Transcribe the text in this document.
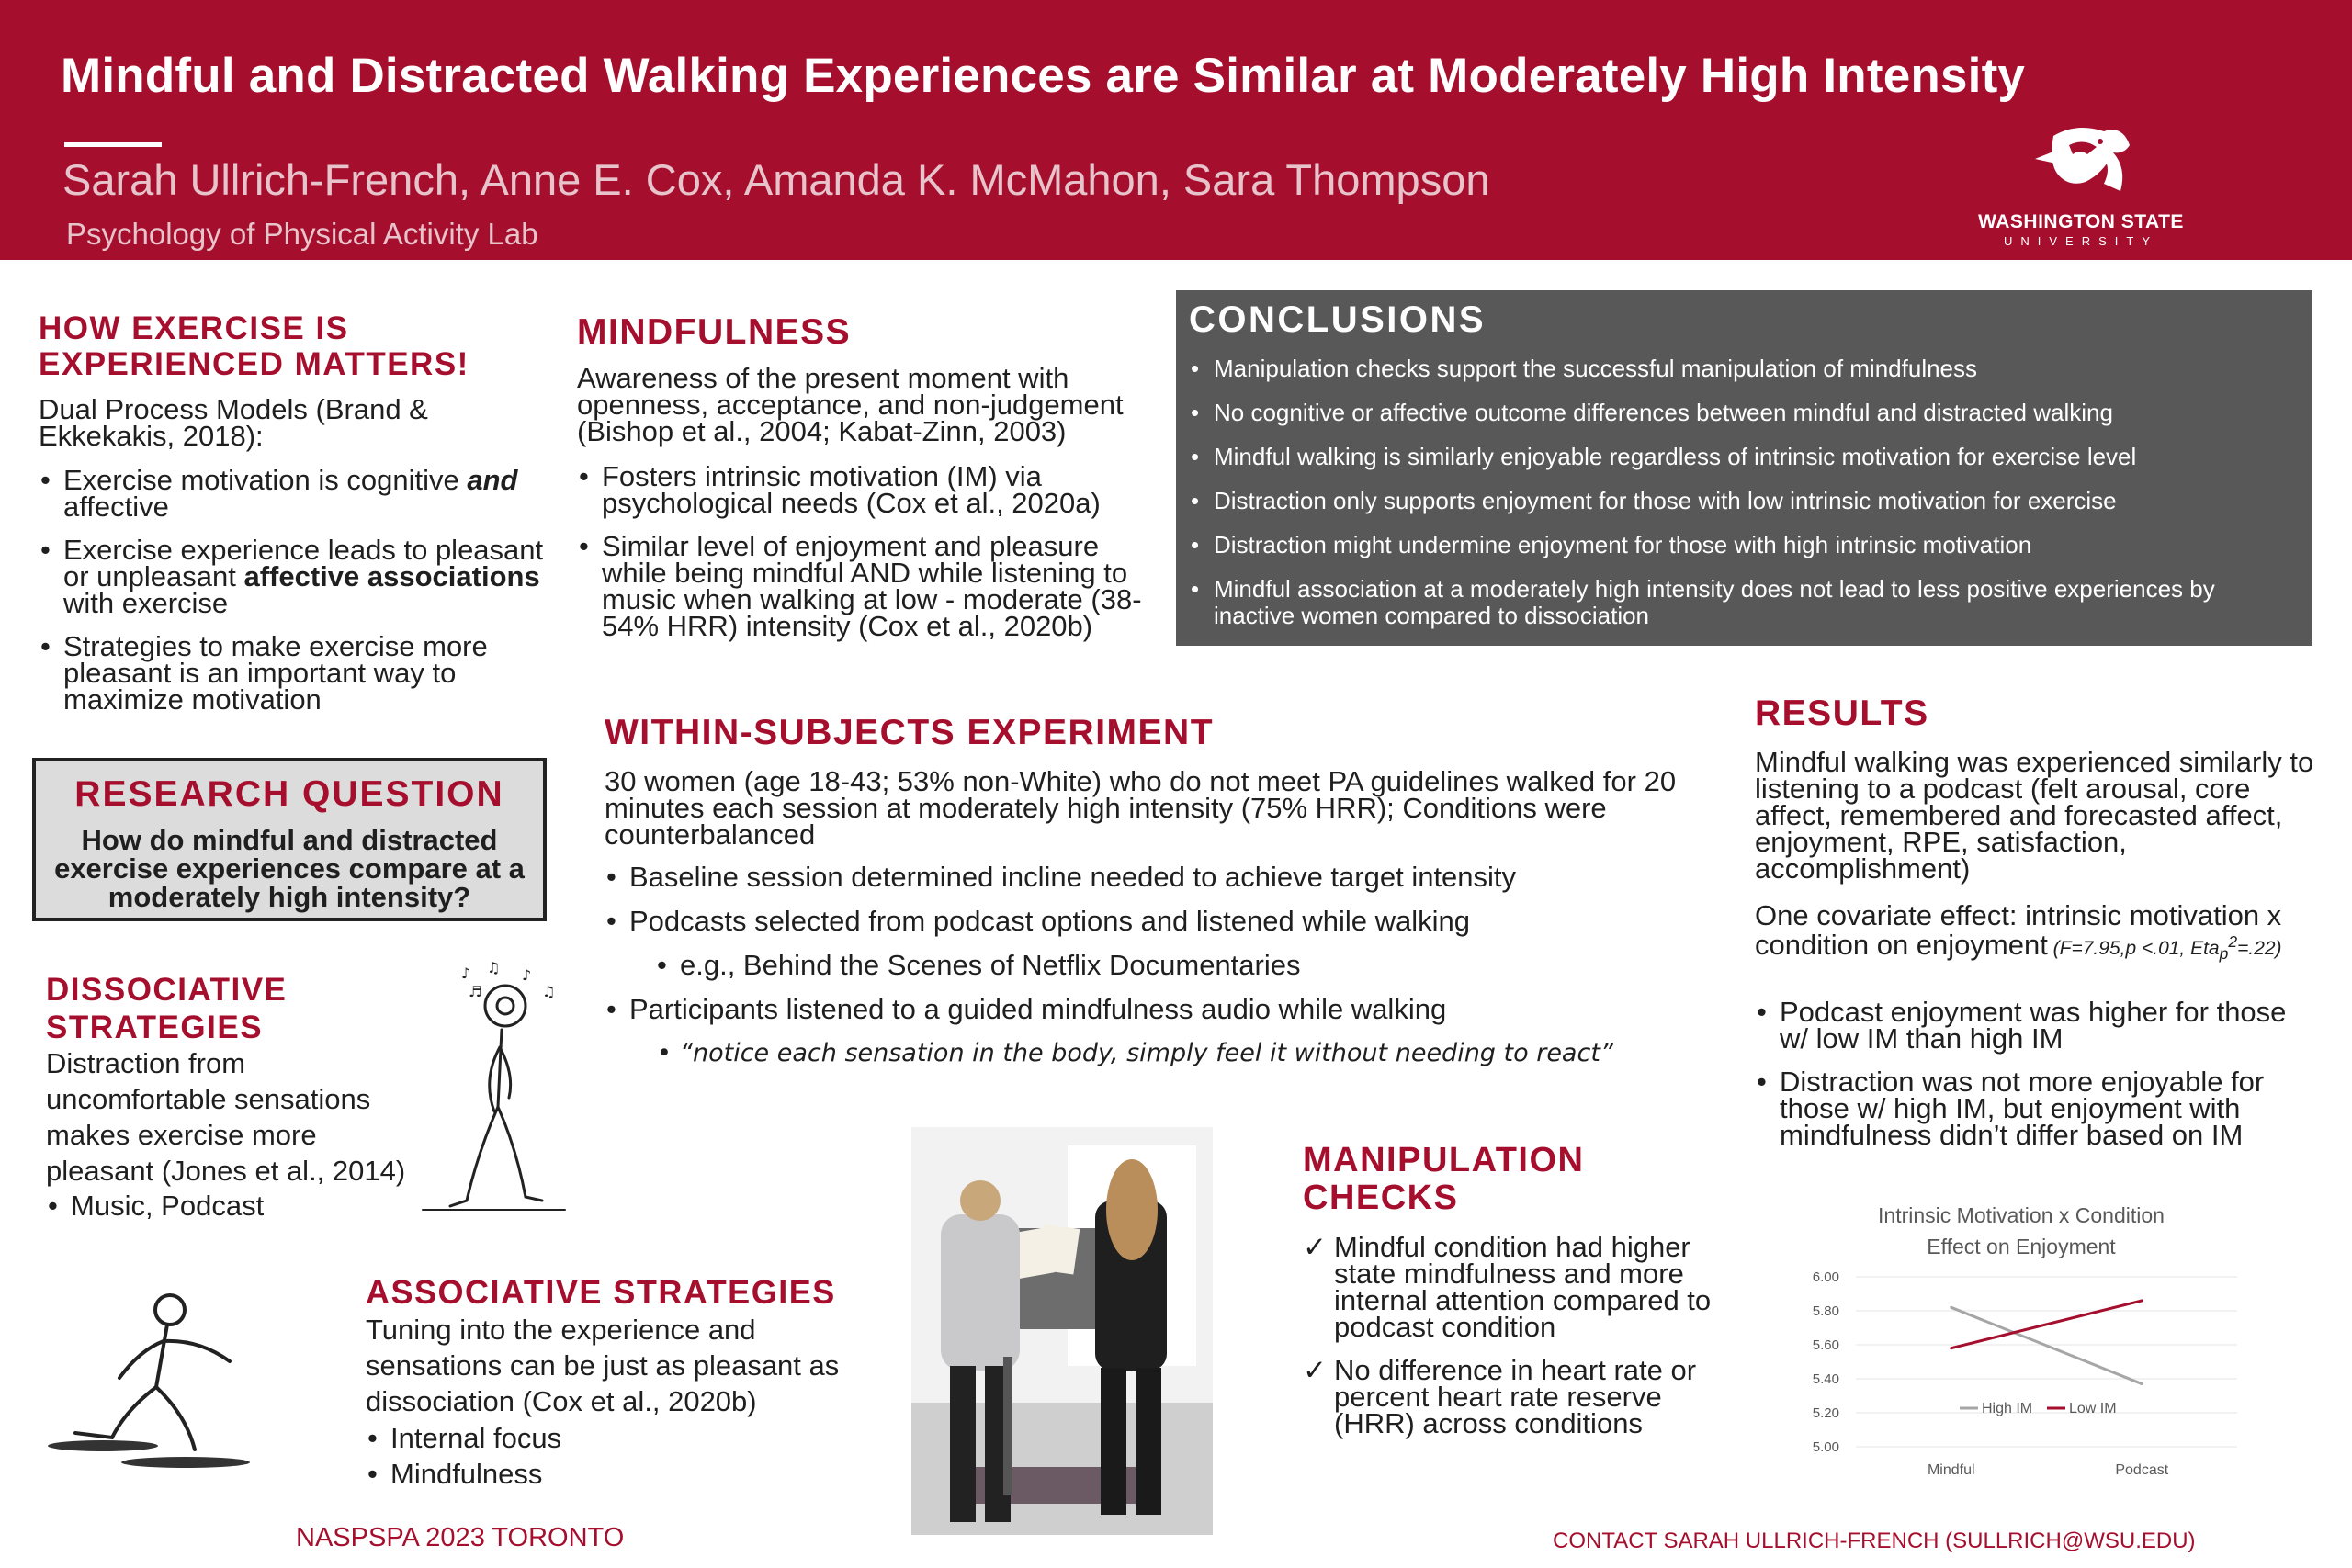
Mindful and Distracted Walking Experiences are Similar at Moderately High Intensity
Sarah Ullrich-French, Anne E. Cox, Amanda K. McMahon, Sara Thompson
Psychology of Physical Activity Lab	WASHINGTON STATE
UNIVERSITY
HOW EXERCISE IS EXPERIENCED MATTERS!
Dual Process Models (Brand & Ekkekakis, 2018):
• Exercise motivation is cognitive and affective
• Exercise experience leads to pleasant or unpleasant affective associations with exercise
• Strategies to make exercise more pleasant is an important way to maximize motivation
RESEARCH QUESTION
How do mindful and distracted exercise experiences compare at a moderately high intensity?
DISSOCIATIVE STRATEGIES
Distraction from uncomfortable sensations makes exercise more pleasant (Jones et al., 2014)
• Music, Podcast
♪ ♫ ♪
♫
♬
MINDFULNESS
Awareness of the present moment with openness, acceptance, and non-judgement (Bishop et al., 2004; Kabat-Zinn, 2003)
• Fosters intrinsic motivation (IM) via psychological needs (Cox et al., 2020a)
• Similar level of enjoyment and pleasure while being mindful AND while listening to music when walking at low - moderate (38-54% HRR) intensity (Cox et al., 2020b)
CONCLUSIONS
• Manipulation checks support the successful manipulation of mindfulness
• No cognitive or affective outcome differences between mindful and distracted walking
• Mindful walking is similarly enjoyable regardless of intrinsic motivation for exercise level
• Distraction only supports enjoyment for those with low intrinsic motivation for exercise
• Distraction might undermine enjoyment for those with high intrinsic motivation
• Mindful association at a moderately high intensity does not lead to less positive experiences by inactive women compared to dissociation
WITHIN-SUBJECTS EXPERIMENT
30 women (age 18-43; 53% non-White) who do not meet PA guidelines walked for 20 minutes each session at moderately high intensity (75% HRR); Conditions were counterbalanced
• Baseline session determined incline needed to achieve target intensity
• Podcasts selected from podcast options and listened while walking
• e.g., Behind the Scenes of Netflix Documentaries
• Participants listened to a guided mindfulness audio while walking
• “notice each sensation in the body, simply feel it without needing to react”
ASSOCIATIVE STRATEGIES
Tuning into the experience and sensations can be just as pleasant as dissociation (Cox et al., 2020b)
• Internal focus
• Mindfulness
MANIPULATION CHECKS
✓ Mindful condition had higher state mindfulness and more internal attention compared to podcast condition
✓ No difference in heart rate or percent heart rate reserve (HRR) across conditions
RESULTS
Mindful walking was experienced similarly to listening to a podcast (felt arousal, core affect, remembered and forecasted affect, enjoyment, RPE, satisfaction, accomplishment)
One covariate effect: intrinsic motivation x condition on enjoyment (F=7.95,p <.01, Eta$_p^2$=.22)
• Podcast enjoyment was higher for those w/ low IM than high IM
• Distraction was not more enjoyable for those w/ high IM, but enjoyment with mindfulness didn’t differ based on IM
Intrinsic Motivation x Condition
Effect on Enjoyment
6.00
5.80
5.60
5.40
5.20
5.00
Mindful	Podcast
High IM Low IM
NASPSPA 2023 TORONTO	CONTACT SARAH ULLRICH-FRENCH (SULLRICH@WSU.EDU)
